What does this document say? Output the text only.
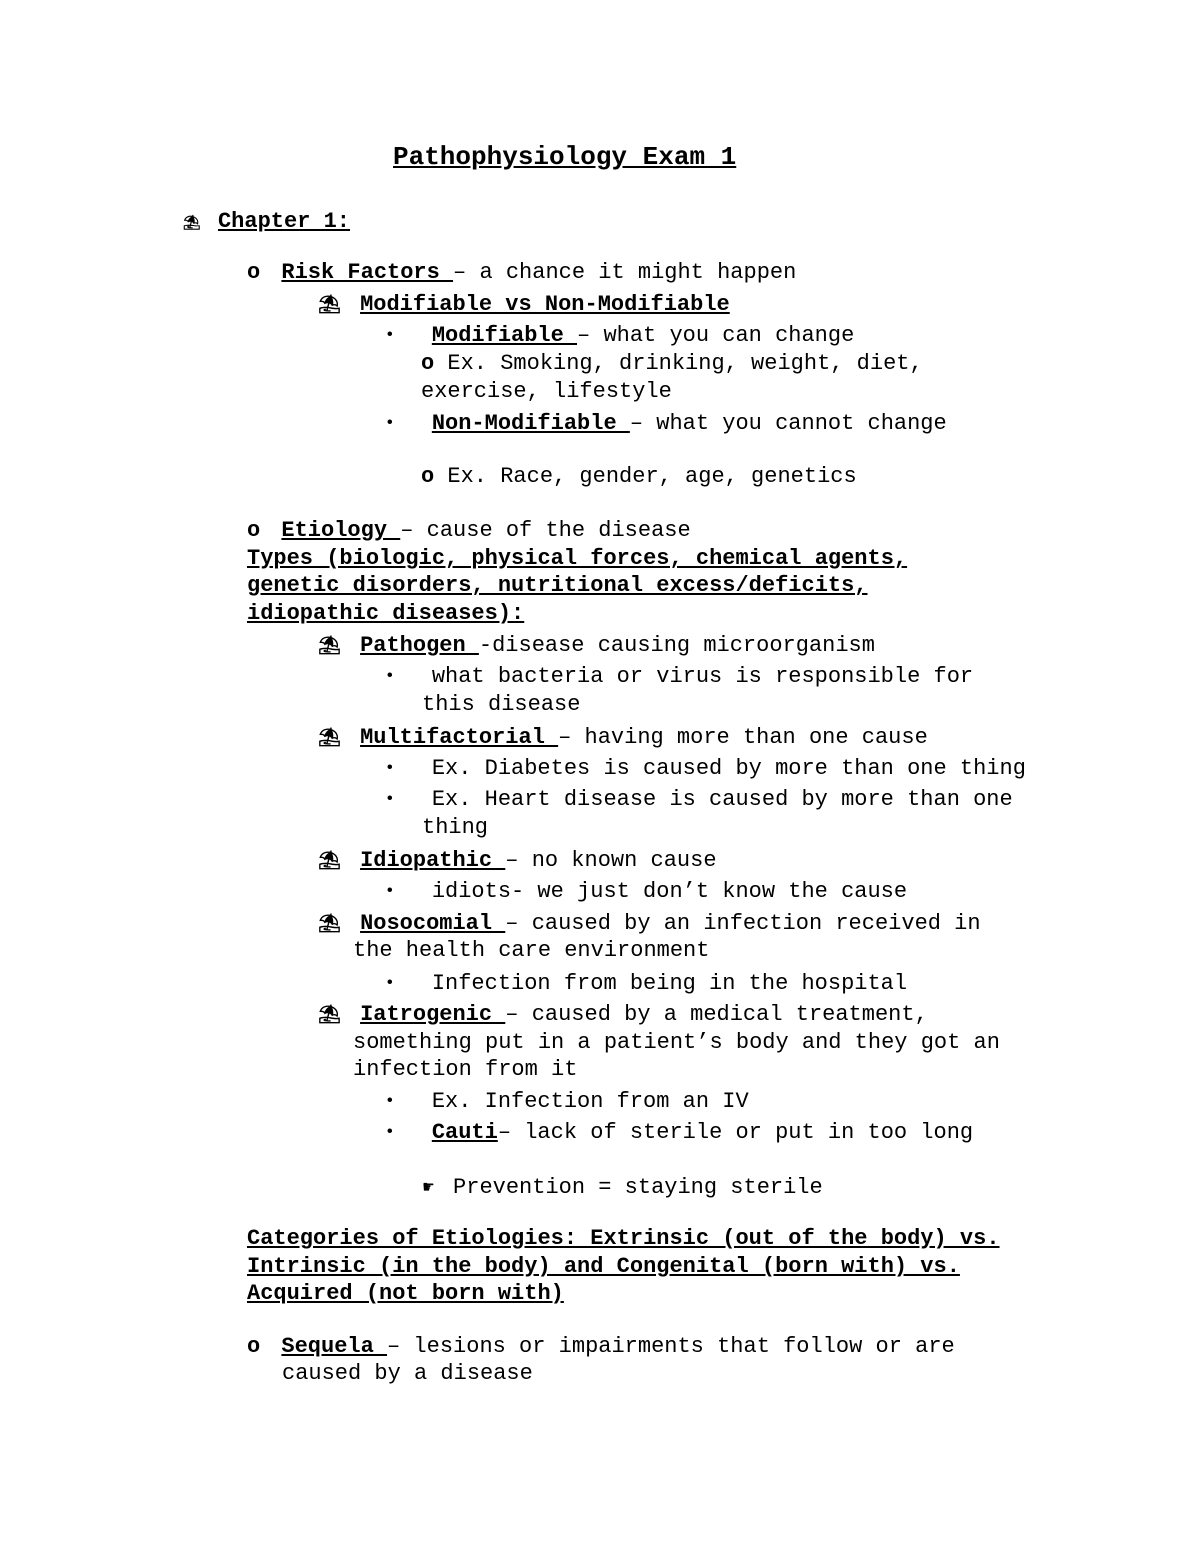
Pathophysiology Exam 1
⛱ Chapter 1:
o Risk Factors – a chance it might happen
⛱ Modifiable vs Non-Modifiable
• Modifiable – what you can change
o Ex. Smoking, drinking, weight, diet,
exercise, lifestyle
• Non-Modifiable – what you cannot change
o Ex. Race, gender, age, genetics
o Etiology – cause of the disease
Types (biologic, physical forces, chemical agents,
genetic disorders, nutritional excess/deficits,
idiopathic diseases):
⛱ Pathogen -disease causing microorganism
• what bacteria or virus is responsible for
this disease
⛱ Multifactorial – having more than one cause
• Ex. Diabetes is caused by more than one thing
• Ex. Heart disease is caused by more than one
thing
⛱ Idiopathic – no known cause
• idiots- we just don’t know the cause
⛱ Nosocomial – caused by an infection received in
the health care environment
• Infection from being in the hospital
⛱ Iatrogenic – caused by a medical treatment,
something put in a patient’s body and they got an
infection from it
• Ex. Infection from an IV
• Cauti– lack of sterile or put in too long
☛ Prevention = staying sterile
Categories of Etiologies: Extrinsic (out of the body) vs.
Intrinsic (in the body) and Congenital (born with) vs.
Acquired (not born with)
o Sequela – lesions or impairments that follow or are
caused by a disease
